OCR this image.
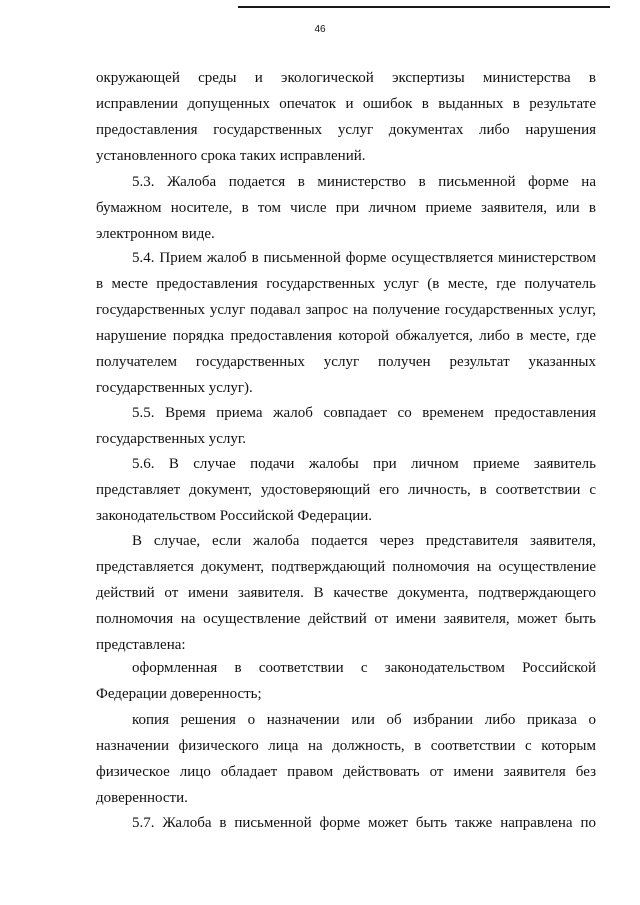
46
окружающей среды и экологической экспертизы министерства в
исправлении допущенных опечаток и ошибок в выданных в результате
предоставления государственных услуг документах либо нарушения
установленного срока таких исправлений.
5.3. Жалоба подается в министерство в письменной форме на
бумажном носителе, в том числе при личном приеме заявителя, или в
электронном виде.
5.4. Прием жалоб в письменной форме осуществляется министерством
в месте предоставления государственных услуг (в месте, где получатель
государственных услуг подавал запрос на получение государственных услуг,
нарушение порядка предоставления которой обжалуется, либо в месте, где
получателем государственных услуг получен результат указанных
государственных услуг).
5.5. Время приема жалоб совпадает со временем предоставления
государственных услуг.
5.6. В случае подачи жалобы при личном приеме заявитель
представляет документ, удостоверяющий его личность, в соответствии с
законодательством Российской Федерации.
В случае, если жалоба подается через представителя заявителя,
представляется документ, подтверждающий полномочия на осуществление
действий от имени заявителя. В качестве документа, подтверждающего
полномочия на осуществление действий от имени заявителя, может быть
представлена:
оформленная в соответствии с законодательством Российской
Федерации доверенность;
копия решения о назначении или об избрании либо приказа о
назначении физического лица на должность, в соответствии с которым
физическое лицо обладает правом действовать от имени заявителя без
доверенности.
5.7. Жалоба в письменной форме может быть также направлена по
